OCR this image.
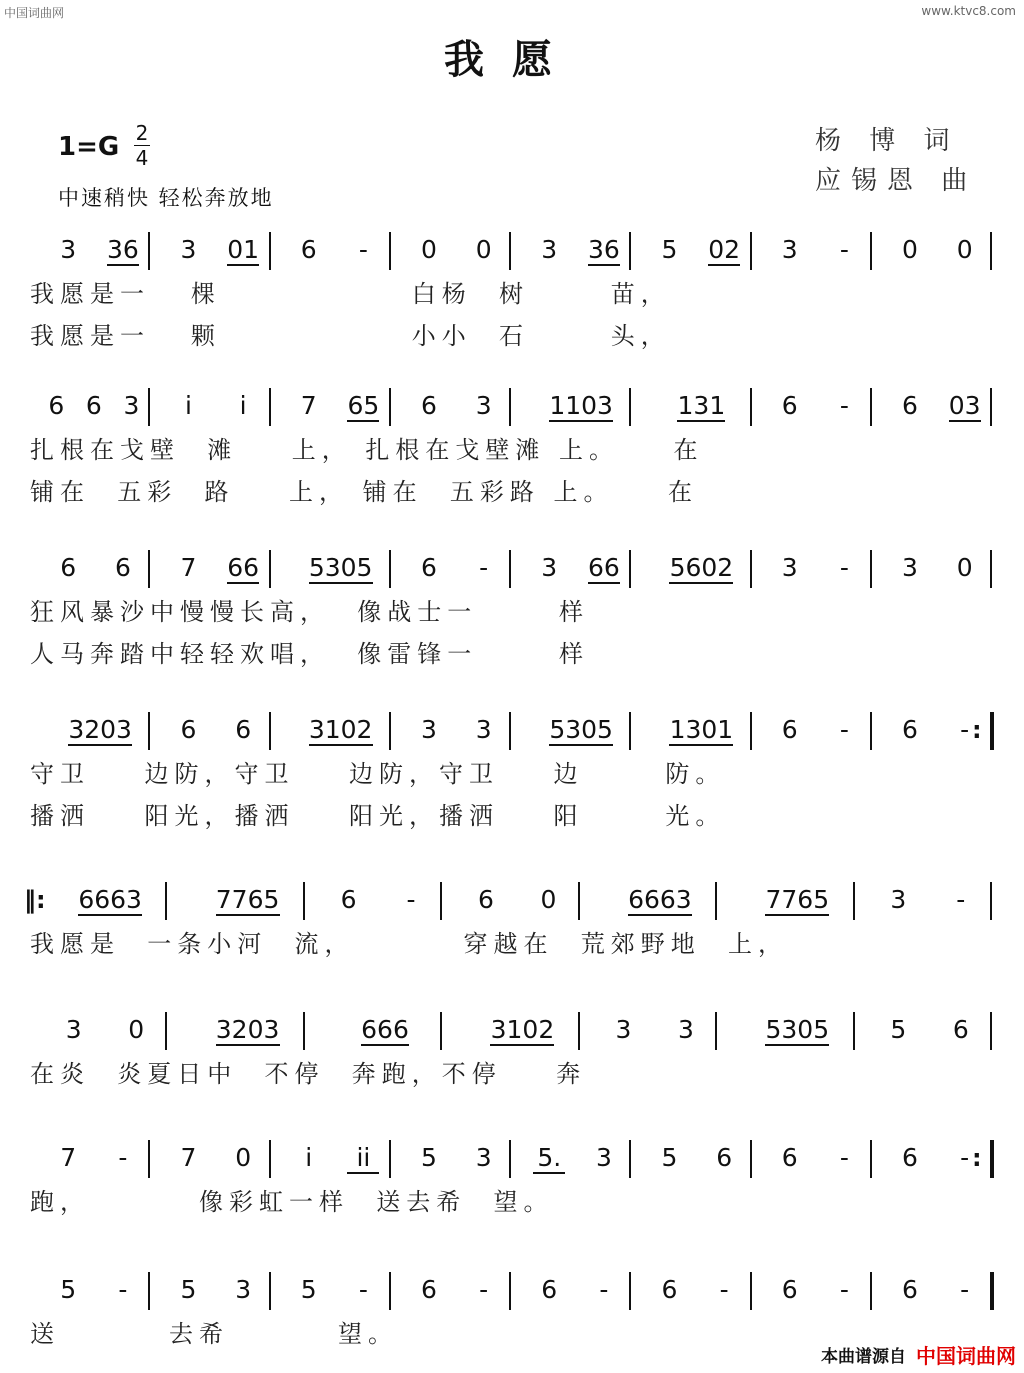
中国词曲网	www.ktvc8.com
我愿
1=G 2
4
中速稍快 轻松奔放地
杨 博 词
应锡恩 曲
3 36 3 01 6 - 0 0 3 36 5 02 3 - 0 0
我愿是一   棵              白杨  树      苗，
我愿是一   颗              小小  石      头，
6 6 3 i i 7 65 6 3 1103	131 6 - 6 03
扎根在戈壁  滩    上， 扎根在戈壁滩 上。    在
铺在  五彩  路    上， 铺在  五彩路 上。    在
6 6 7 66 5305 6 - 3 66 5602 3 - 3 0
狂风暴沙中慢慢长高，  像战士一      样
人马奔踏中轻轻欢唱，  像雷锋一      样
3203 6 6 3102 3 3 5305 1301 6 - 6 - :
守卫    边防，守卫    边防，守卫    边      防。
播洒    阳光，播洒    阳光，播洒    阳      光。
‖: 6663	7765 6 - 6 0	6663	7765 3 -
我愿是  一条小河  流，        穿越在  荒郊野地  上，
3 0	3203	666	3102 3 3	5305 5 6
在炎  炎夏日中  不停  奔跑，不停    奔
7 - 7 0 i ii 5 3 5. 3 5 6 6 - 6 - :
跑，        像彩虹一样  送去希  望。
5 - 5 3 5 - 6 - 6 - 6 - 6 - 6 -
送        去希        望。
本曲谱源自 中国词曲网
